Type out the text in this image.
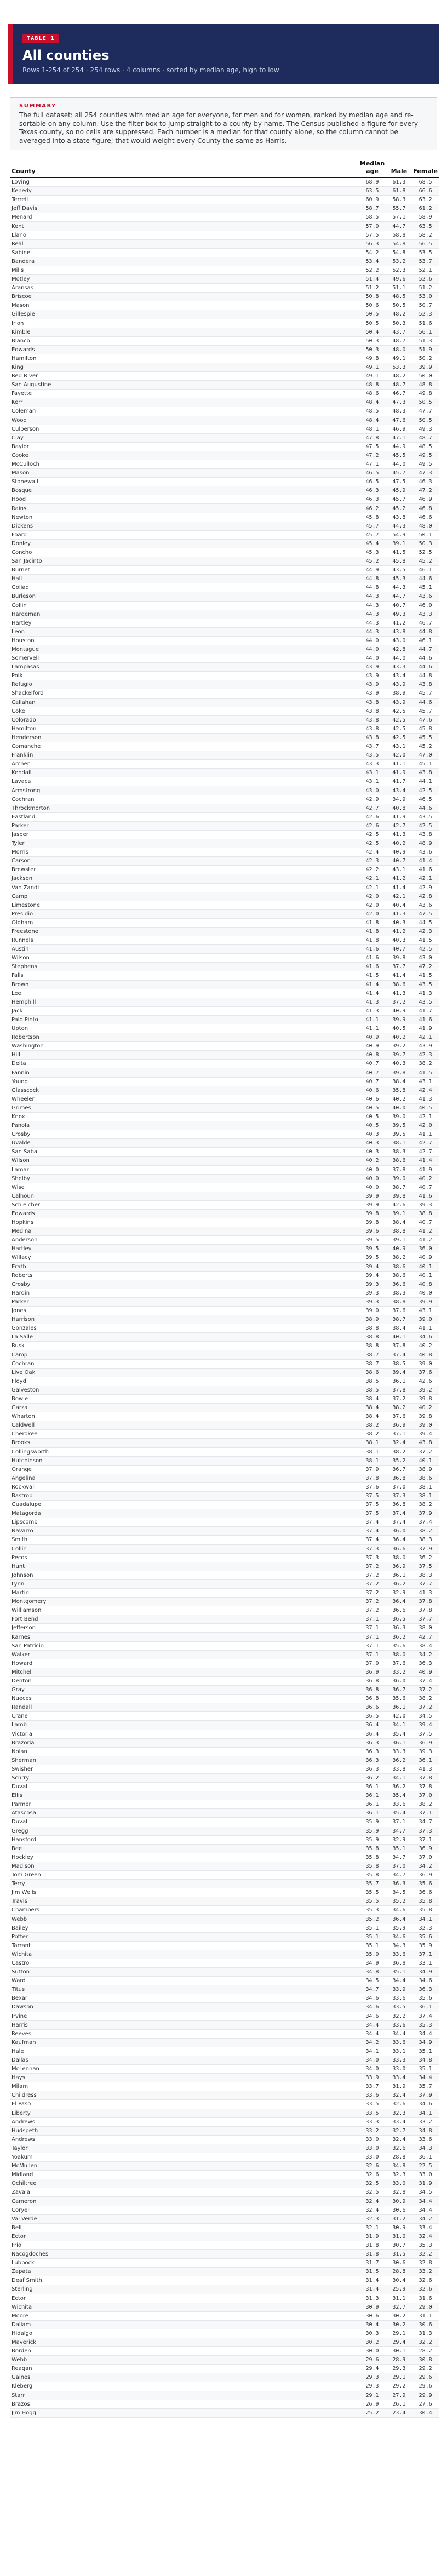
TABLE 1
All counties
Rows 1-254 of 254 · 254 rows · 4 columns · sorted by median age, high to low
SUMMARY

The full dataset: all 254 counties with median age for everyone, for men and for women, ranked by median age and re-sortable on any column. Use the filter box to jump straight to a county by name. The Census published a figure for every Texas county, so no cells are suppressed. Each number is a median for that county alone, so the column cannot be averaged into a state figure; that would weight every County the same as Harris.

County	Median age	Male	Female
Loving	68.9	61.3	68.5
Kenedy	63.5	61.8	66.6
Terrell	60.9	58.3	63.2
Jeff Davis	58.7	55.7	61.2
Menard	58.5	57.1	58.9
Kent	57.0	44.7	63.5
Llano	57.5	58.8	58.2
Real	56.3	54.8	56.5
Sabine	54.2	54.8	53.5
Bandera	53.4	53.2	53.7
Mills	52.2	52.3	52.1
Motley	51.4	49.6	52.6
Aransas	51.2	51.1	51.2
Briscoe	50.8	48.5	53.0
Mason	50.6	50.5	50.7
Gillespie	50.5	48.2	52.3
Irion	50.5	50.3	51.6
Kimble	50.4	43.7	56.1
Blanco	50.3	48.7	51.3
Edwards	50.3	48.0	51.9
Hamilton	49.8	49.1	50.2
King	49.1	53.3	39.9
Red River	49.1	48.2	50.0
San Augustine	48.8	48.7	48.8
Fayette	48.6	46.7	49.8
Kerr	48.4	47.3	50.5
Coleman	48.5	48.3	47.7
Wood	48.4	47.6	50.5
Culberson	48.1	46.9	49.3
Clay	47.8	47.1	48.7
Baylor	47.5	44.9	48.5
Cooke	47.2	45.5	49.5
McCulloch	47.1	44.0	49.5
Mason	46.5	45.7	47.3
Stonewall	46.5	47.5	46.3
Bosque	46.3	45.9	47.2
Hood	46.3	45.7	46.9
Rains	46.2	45.2	46.8
Newton	45.8	43.8	46.6
Dickens	45.7	44.3	48.0
Foard	45.7	54.9	50.1
Donley	45.4	39.1	50.3
Concho	45.3	41.5	52.5
San Jacinto	45.2	45.8	45.2
Burnet	44.9	43.5	46.1
Hall	44.8	45.3	44.6
Goliad	44.8	44.3	45.1
Burleson	44.3	44.7	43.6
Collin	44.3	40.7	46.0
Hardeman	44.3	49.3	43.3
Hartley	44.3	41.2	46.7
Leon	44.3	43.8	44.8
Houston	44.0	43.0	46.1
Montague	44.0	42.8	44.7
Somervell	44.0	44.0	44.6
Lampasas	43.9	43.3	44.6
Polk	43.9	43.4	44.8
Refugio	43.9	43.9	43.8
Shackelford	43.9	38.9	45.7
Callahan	43.8	43.9	44.6
Coke	43.8	42.5	45.7
Colorado	43.8	42.5	47.6
Hamilton	43.8	42.5	45.8
Henderson	43.8	42.5	45.5
Comanche	43.7	43.1	45.2
Franklin	43.5	42.0	47.0
Archer	43.3	41.1	45.1
Kendall	43.1	41.9	43.8
Lavaca	43.1	41.7	44.1
Armstrong	43.0	43.4	42.5
Cochran	42.9	34.9	46.5
Throckmorton	42.7	40.8	44.6
Eastland	42.6	41.9	43.5
Parker	42.6	42.7	42.5
Jasper	42.5	41.3	43.8
Tyler	42.5	40.2	48.9
Morris	42.4	40.9	43.6
Carson	42.3	40.7	41.4
Brewster	42.2	43.1	41.6
Jackson	42.1	41.2	42.1
Van Zandt	42.1	41.4	42.9
Camp	42.0	42.1	42.8
Limestone	42.0	40.4	43.6
Presidio	42.0	41.3	47.5
Oldham	41.8	40.3	44.5
Freestone	41.8	41.2	42.3
Runnels	41.8	40.3	41.5
Austin	41.6	40.7	42.5
Wilson	41.6	39.8	43.0
Stephens	41.6	37.7	47.2
Falls	41.5	41.4	41.5
Brown	41.4	38.6	43.5
Lee	41.4	41.3	41.3
Hemphill	41.3	37.2	43.5
Jack	41.3	40.9	41.7
Palo Pinto	41.1	39.9	41.6
Upton	41.1	40.5	41.9
Robertson	40.9	40.2	42.1
Washington	40.9	39.2	43.9
Hill	40.8	39.7	42.3
Delta	40.7	40.3	38.2
Fannin	40.7	39.8	41.5
Young	40.7	38.4	43.1
Glasscock	40.6	35.8	42.4
Wheeler	40.6	40.2	41.3
Grimes	40.5	40.0	40.5
Knox	40.5	39.0	42.1
Panola	40.5	39.5	42.0
Crosby	40.3	39.5	41.1
Uvalde	40.3	38.1	42.7
San Saba	40.3	38.3	42.7
Wilson	40.2	38.6	41.4
Lamar	40.0	37.8	41.9
Shelby	40.0	39.0	40.2
Wise	40.0	38.7	40.7
Calhoun	39.9	39.8	41.6
Schleicher	39.9	42.6	39.3
Edwards	39.8	39.1	38.8
Hopkins	39.8	38.4	40.7
Medina	39.6	38.8	41.2
Anderson	39.5	39.1	41.2
Hartley	39.5	40.9	36.0
Willacy	39.5	38.2	40.9
Erath	39.4	38.6	40.1
Roberts	39.4	38.6	40.1
Crosby	39.3	36.6	40.8
Hardin	39.3	38.3	40.0
Parker	39.3	38.8	39.9
Jones	39.0	37.6	43.1
Harrison	38.9	38.7	39.0
Gonzales	38.8	38.4	41.1
La Salle	38.8	40.1	34.6
Rusk	38.8	37.8	40.2
Camp	38.7	37.4	40.8
Cochran	38.7	38.5	39.0
Live Oak	38.6	39.4	37.6
Floyd	38.5	36.1	42.6
Galveston	38.5	37.8	39.2
Bowie	38.4	37.2	39.8
Garza	38.4	38.2	40.2
Wharton	38.4	37.6	39.8
Caldwell	38.2	36.9	39.0
Cherokee	38.2	37.1	39.4
Brooks	38.1	32.4	43.8
Collingsworth	38.1	38.2	37.2
Hutchinson	38.1	35.2	40.1
Orange	37.9	36.7	38.9
Angelina	37.8	36.8	38.6
Rockwall	37.6	37.0	38.1
Bastrop	37.5	37.3	38.1
Guadalupe	37.5	36.8	38.2
Matagorda	37.5	37.4	37.9
Lipscomb	37.4	37.4	37.4
Navarro	37.4	36.0	38.2
Smith	37.4	36.4	38.3
Collin	37.3	36.6	37.9
Pecos	37.3	38.0	36.2
Hunt	37.2	36.9	37.5
Johnson	37.2	36.1	38.3
Lynn	37.2	36.2	37.7
Martin	37.2	32.9	41.3
Montgomery	37.2	36.4	37.8
Williamson	37.2	36.6	37.8
Fort Bend	37.1	36.5	37.7
Jefferson	37.1	36.3	38.0
Karnes	37.1	36.2	42.7
San Patricio	37.1	35.6	38.4
Walker	37.1	38.0	34.2
Howard	37.0	37.6	36.3
Mitchell	36.9	33.2	40.9
Denton	36.8	36.0	37.4
Gray	36.8	36.7	37.2
Nueces	36.8	35.6	38.2
Randall	36.6	36.1	37.2
Crane	36.5	42.0	34.5
Lamb	36.4	34.1	39.4
Victoria	36.4	35.4	37.5
Brazoria	36.3	36.1	36.9
Nolan	36.3	33.3	39.3
Sherman	36.3	36.2	36.1
Swisher	36.3	33.8	41.3
Scurry	36.2	34.1	37.8
Duval	36.1	36.2	37.8
Ellis	36.1	35.4	37.0
Parmer	36.1	33.6	38.2
Atascosa	36.1	35.4	37.1
Duval	35.9	37.1	34.7
Gregg	35.9	34.7	37.3
Hansford	35.9	32.9	37.1
Bee	35.8	35.1	36.9
Hockley	35.8	34.7	37.0
Madison	35.8	37.0	34.2
Tom Green	35.8	34.7	36.9
Terry	35.7	36.3	35.6
Jim Wells	35.5	34.5	36.6
Travis	35.5	35.2	35.8
Chambers	35.3	34.6	35.8
Webb	35.2	36.4	34.1
Bailey	35.1	35.9	32.3
Potter	35.1	34.6	35.6
Tarrant	35.1	34.3	35.9
Wichita	35.0	33.6	37.1
Castro	34.9	36.8	33.1
Sutton	34.8	35.1	34.9
Ward	34.5	34.4	34.6
Titus	34.7	33.9	36.3
Bexar	34.6	33.6	35.6
Dawson	34.6	33.5	36.1
Irvine	34.6	32.2	37.4
Harris	34.4	33.6	35.3
Reeves	34.4	34.4	34.4
Kaufman	34.2	33.6	34.9
Hale	34.1	33.1	35.1
Dallas	34.0	33.3	34.8
McLennan	34.0	33.0	35.1
Hays	33.9	33.4	34.4
Milam	33.7	31.9	35.7
Childress	33.6	32.4	37.9
El Paso	33.5	32.6	34.6
Liberty	33.5	32.3	34.1
Andrews	33.3	33.4	33.2
Hudspeth	33.2	32.7	34.8
Andrews	33.0	32.4	33.6
Taylor	33.0	32.6	34.3
Yoakum	33.0	28.8	36.1
McMullen	32.6	34.8	22.5
Midland	32.6	32.3	33.0
Ochiltree	32.5	33.0	31.9
Zavala	32.5	32.8	34.5
Cameron	32.4	30.9	34.4
Coryell	32.4	30.6	34.4
Val Verde	32.3	31.2	34.2
Bell	32.1	30.9	33.4
Ector	31.9	31.0	32.4
Frio	31.8	30.7	35.3
Nacogdoches	31.8	31.5	32.2
Lubbock	31.7	30.6	32.8
Zapata	31.5	28.8	33.2
Deaf Smith	31.4	30.4	32.6
Sterling	31.4	25.9	32.6
Ector	31.3	31.1	31.6
Wichita	30.9	32.7	29.0
Moore	30.6	30.2	31.1
Dallam	30.4	30.2	30.6
Hidalgo	30.3	29.1	31.3
Maverick	30.2	29.4	32.2
Borden	30.0	30.1	28.2
Webb	29.6	28.9	30.8
Reagan	29.4	29.3	29.2
Gaines	29.3	29.1	29.6
Kleberg	29.3	29.2	29.6
Starr	29.1	27.9	29.9
Brazos	26.9	26.1	27.6
Jim Hogg	25.2	23.4	30.4
